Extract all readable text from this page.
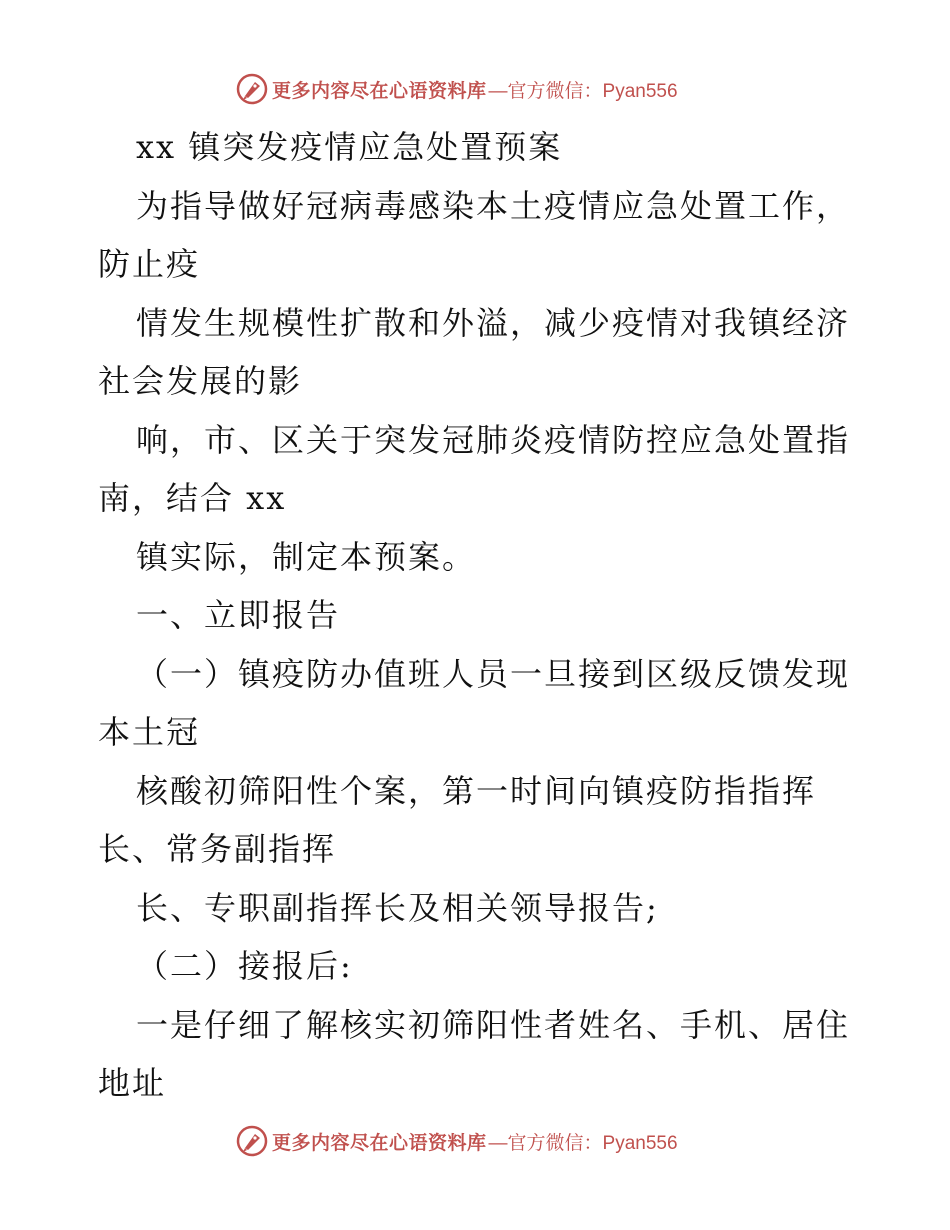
更多内容尽在心语资料库 —官方微信：Pyan556
xx 镇突发疫情应急处置预案
为指导做好冠病毒感染本土疫情应急处置工作，
防止疫
情发生规模性扩散和外溢，减少疫情对我镇经济
社会发展的影
响，市、区关于突发冠肺炎疫情防控应急处置指
南，结合 xx
镇实际，制定本预案。
一、立即报告
（一）镇疫防办值班人员一旦接到区级反馈发现
本土冠
核酸初筛阳性个案，第一时间向镇疫防指指挥
长、常务副指挥
长、专职副指挥长及相关领导报告;
（二）接报后:
一是仔细了解核实初筛阳性者姓名、手机、居住
地址
更多内容尽在心语资料库 —官方微信：Pyan556
